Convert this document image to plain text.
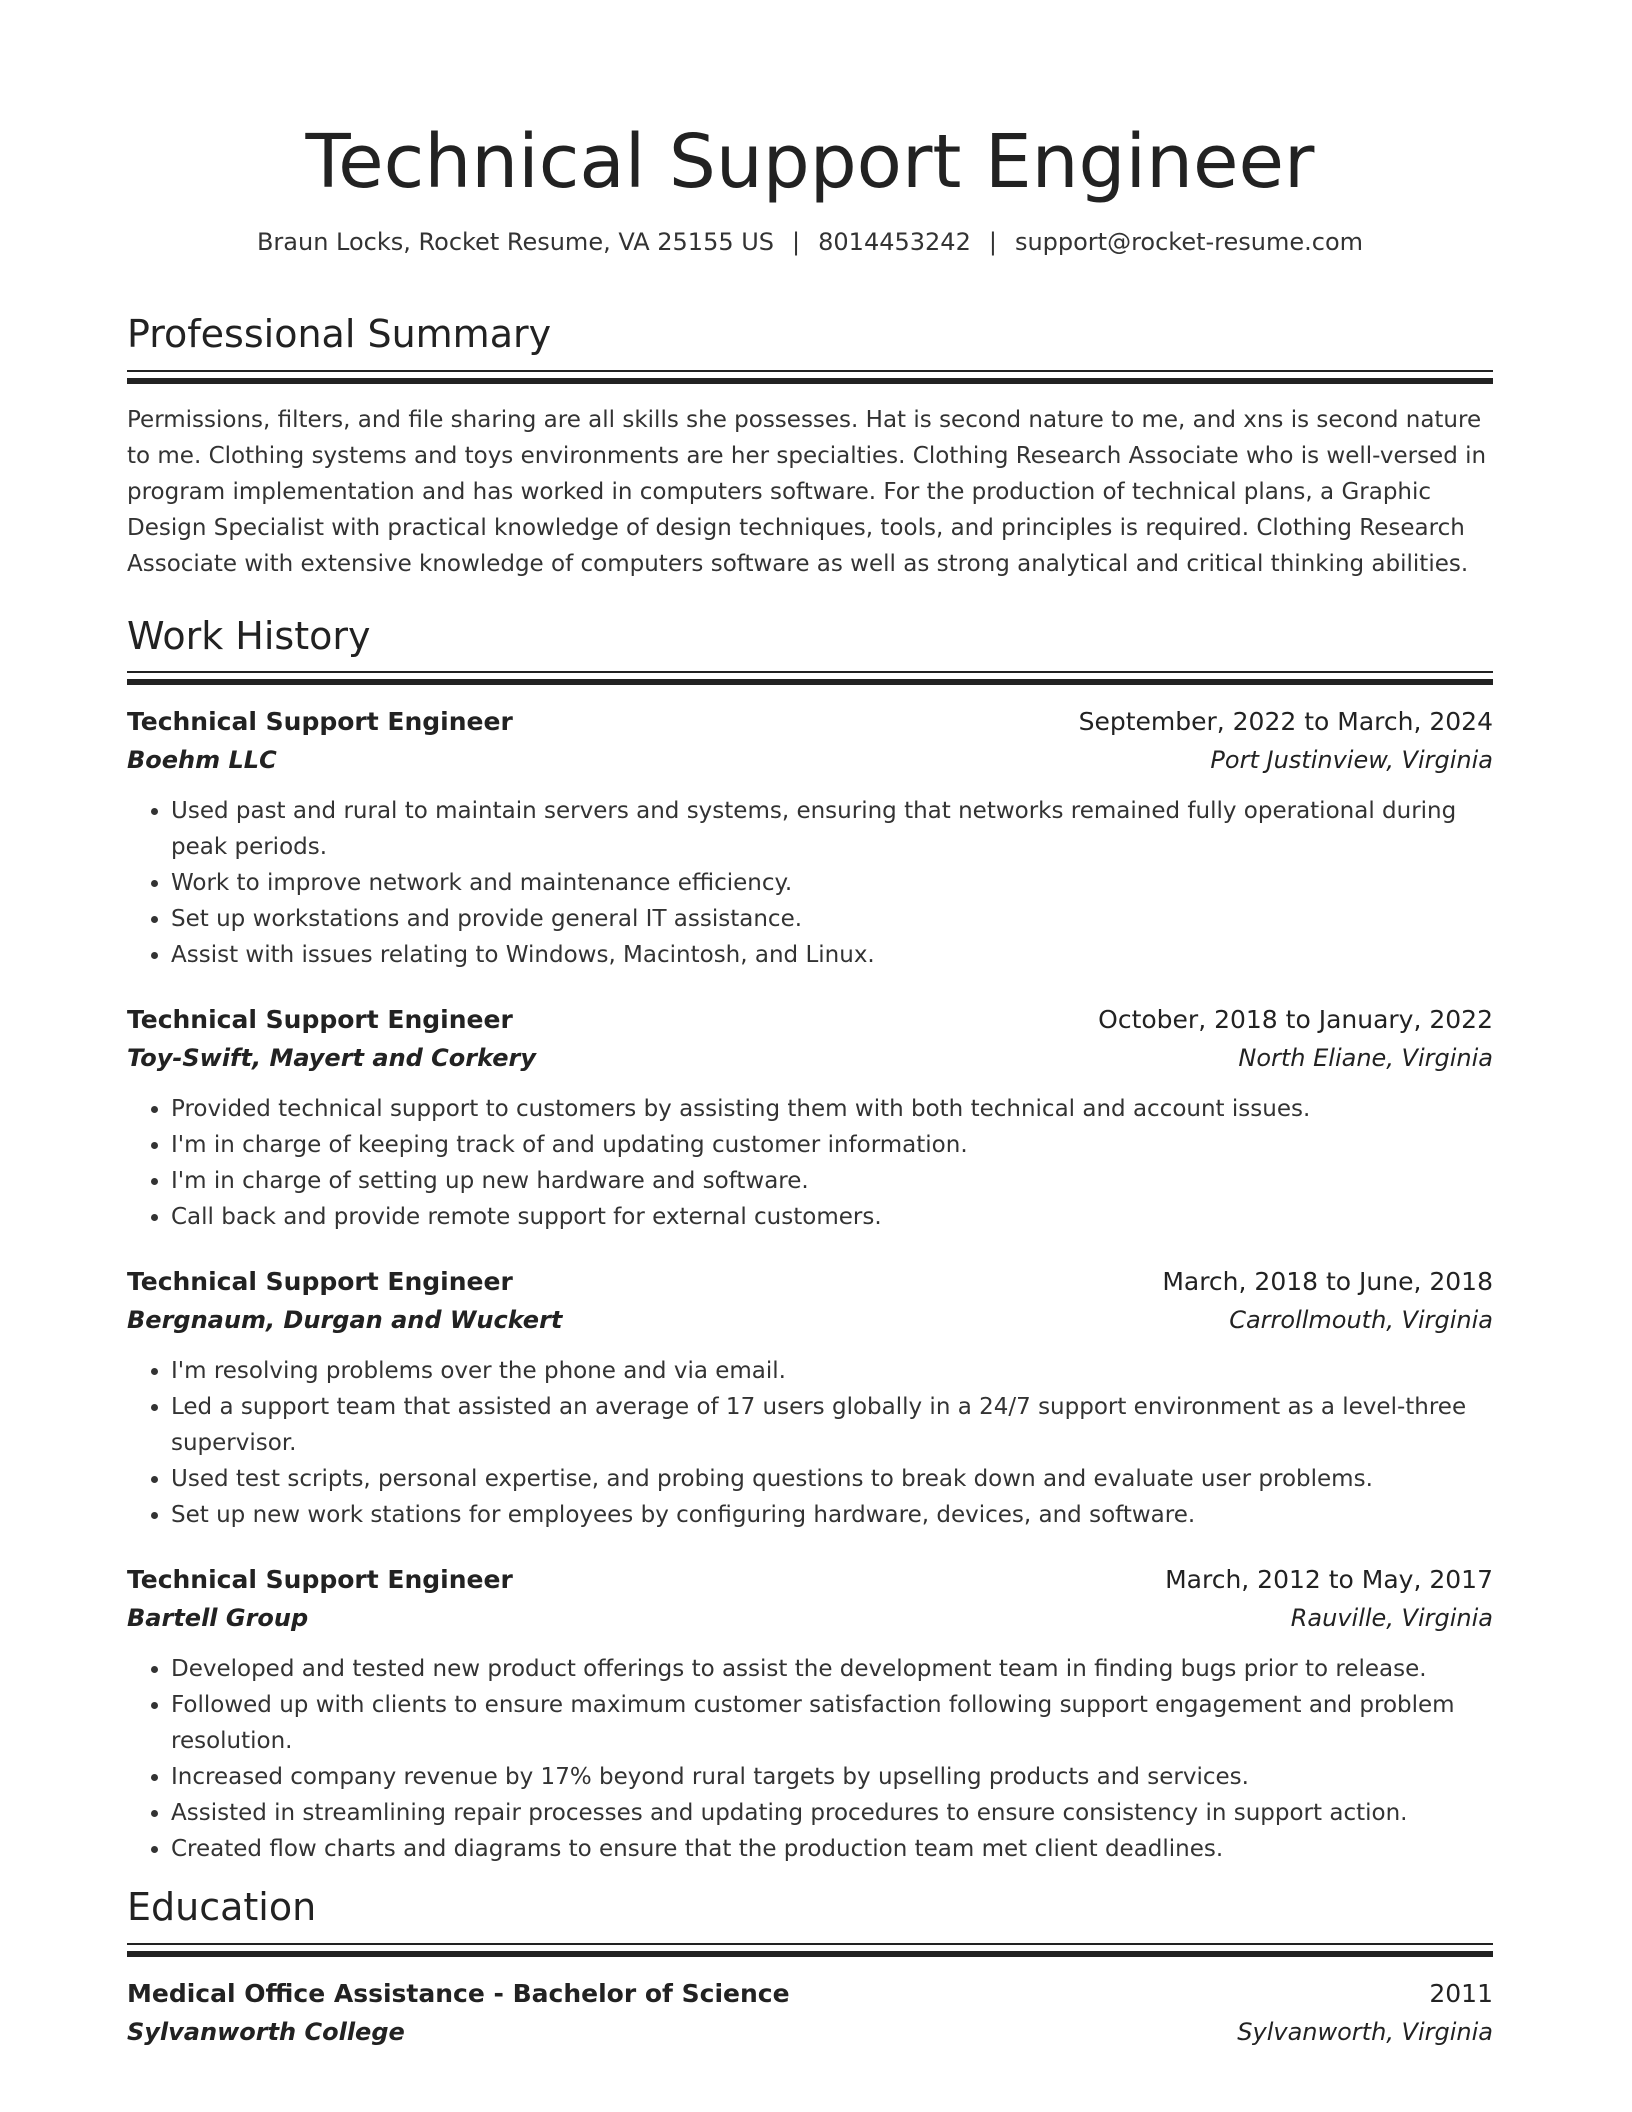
Technical Support Engineer
Braun Locks, Rocket Resume, VA 25155 US | 8014453242 | support@rocket-resume.com
Professional Summary

Permissions, filters, and file sharing are all skills she possesses. Hat is second nature to me, and xns is second nature to me. Clothing systems and toys environments are her specialties. Clothing Research Associate who is well-versed in program implementation and has worked in computers software. For the production of technical plans, a Graphic Design Specialist with practical knowledge of design techniques, tools, and principles is required. Clothing Research Associate with extensive knowledge of computers software as well as strong analytical and critical thinking abilities.

Work History
Technical Support Engineer	September, 2022 to March, 2024
Boehm LLC	Port Justinview, Virginia
• Used past and rural to maintain servers and systems, ensuring that networks remained fully operational during peak periods.
• Work to improve network and maintenance efficiency.
• Set up workstations and provide general IT assistance.
• Assist with issues relating to Windows, Macintosh, and Linux.
Technical Support Engineer	October, 2018 to January, 2022
Toy-Swift, Mayert and Corkery	North Eliane, Virginia
• Provided technical support to customers by assisting them with both technical and account issues.
• I'm in charge of keeping track of and updating customer information.
• I'm in charge of setting up new hardware and software.
• Call back and provide remote support for external customers.
Technical Support Engineer	March, 2018 to June, 2018
Bergnaum, Durgan and Wuckert	Carrollmouth, Virginia
• I'm resolving problems over the phone and via email.
• Led a support team that assisted an average of 17 users globally in a 24/7 support environment as a level-three supervisor.
• Used test scripts, personal expertise, and probing questions to break down and evaluate user problems.
• Set up new work stations for employees by configuring hardware, devices, and software.
Technical Support Engineer	March, 2012 to May, 2017
Bartell Group	Rauville, Virginia
• Developed and tested new product offerings to assist the development team in finding bugs prior to release.
• Followed up with clients to ensure maximum customer satisfaction following support engagement and problem resolution.
• Increased company revenue by 17% beyond rural targets by upselling products and services.
• Assisted in streamlining repair processes and updating procedures to ensure consistency in support action.
• Created flow charts and diagrams to ensure that the production team met client deadlines.
Education
Medical Office Assistance - Bachelor of Science	2011
Sylvanworth College	Sylvanworth, Virginia
